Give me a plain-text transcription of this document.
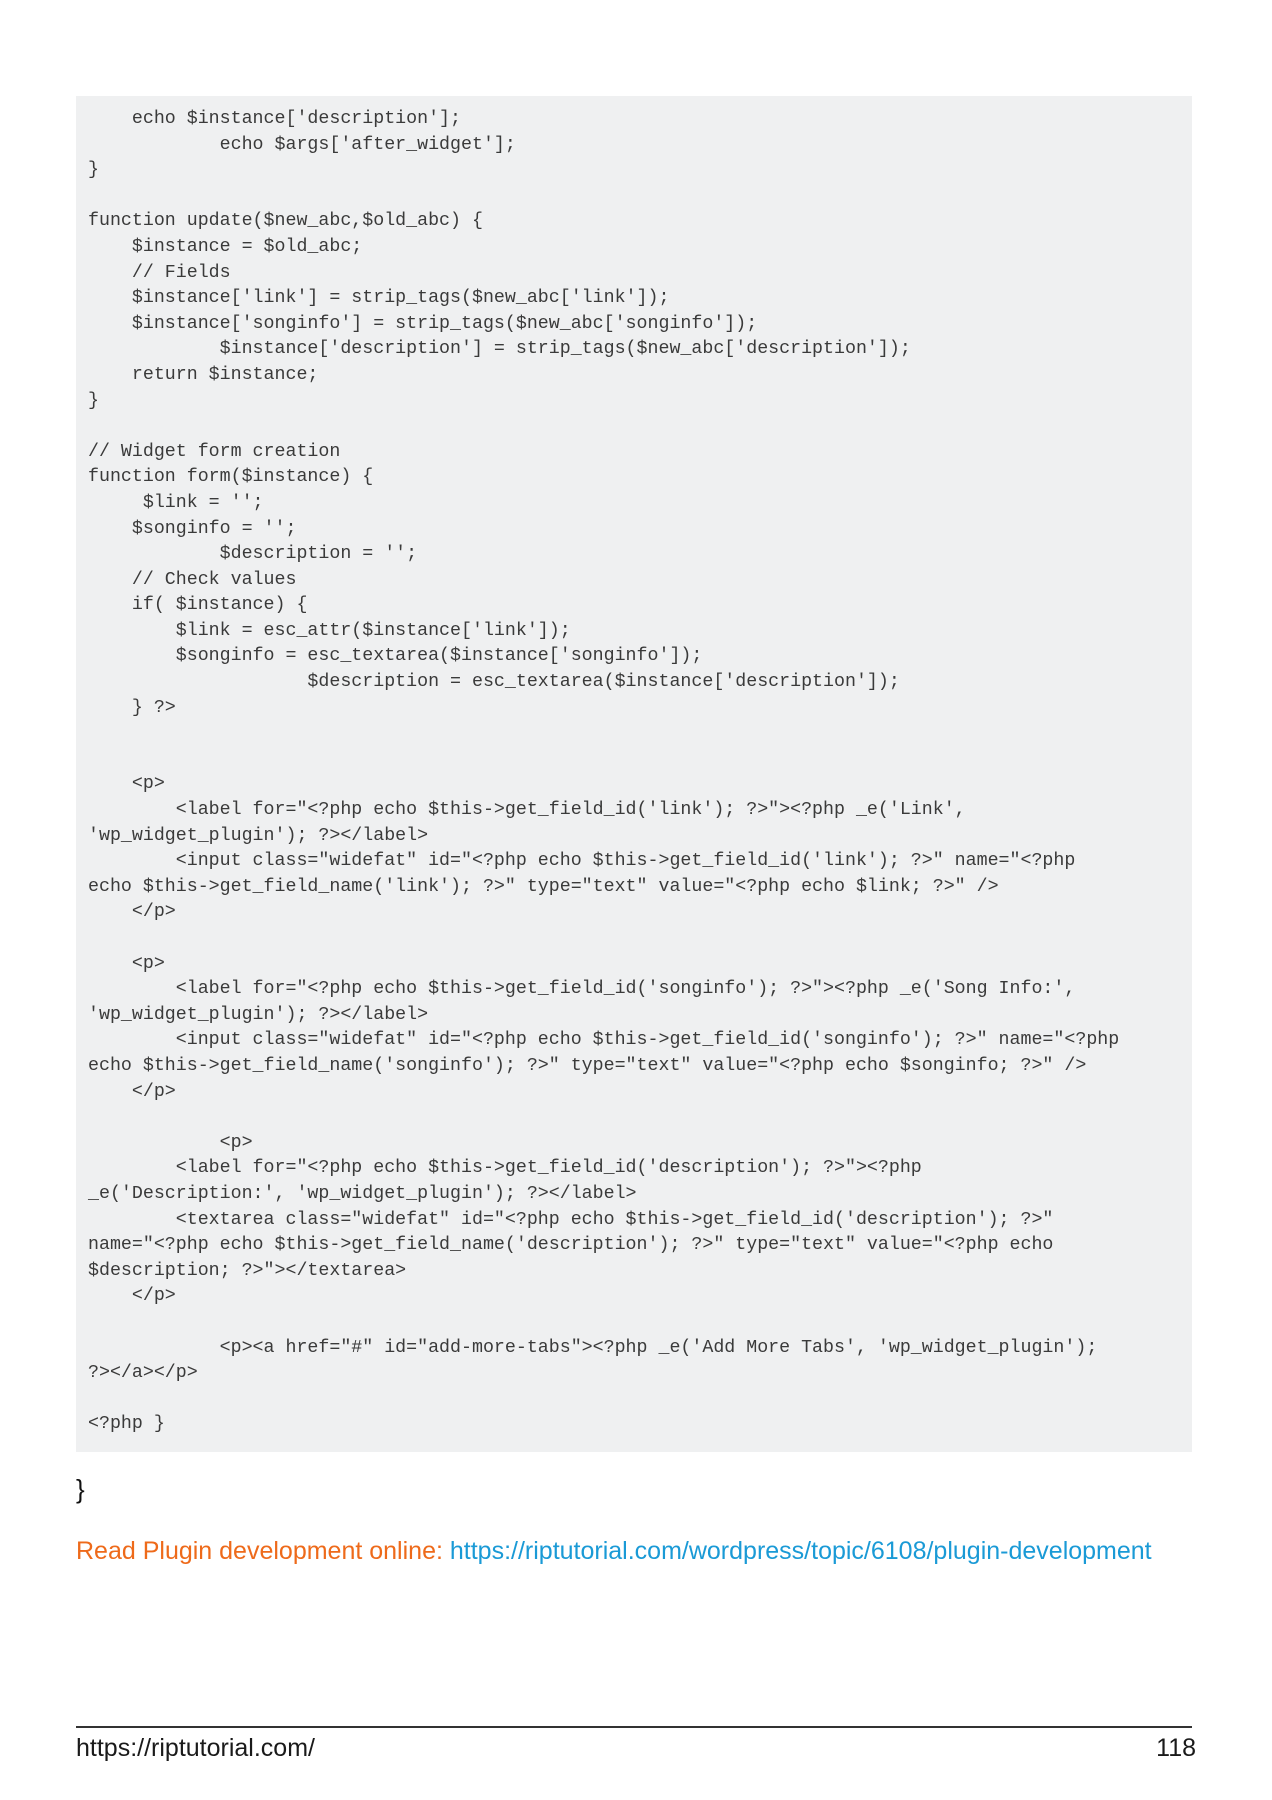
echo $instance['description'];
echo $args['after_widget'];
}

function update($new_abc,$old_abc) {
$instance = $old_abc;
// Fields
$instance['link'] = strip_tags($new_abc['link']);
$instance['songinfo'] = strip_tags($new_abc['songinfo']);
$instance['description'] = strip_tags($new_abc['description']);
return $instance;
}

// Widget form creation
function form($instance) {
$link = '';
$songinfo = '';
$description = '';
// Check values
if( $instance) {
$link = esc_attr($instance['link']);
$songinfo = esc_textarea($instance['songinfo']);
$description = esc_textarea($instance['description']);
} ?>

<p>
<label for="<?php echo $this->get_field_id('link'); ?>"><?php _e('Link',
'wp_widget_plugin'); ?></label>
<input class="widefat" id="<?php echo $this->get_field_id('link'); ?>" name="<?php
echo $this->get_field_name('link'); ?>" type="text" value="<?php echo $link; ?>" />
</p>

<p>
<label for="<?php echo $this->get_field_id('songinfo'); ?>"><?php _e('Song Info:',
'wp_widget_plugin'); ?></label>
<input class="widefat" id="<?php echo $this->get_field_id('songinfo'); ?>" name="<?php
echo $this->get_field_name('songinfo'); ?>" type="text" value="<?php echo $songinfo; ?>" />
</p>

<p>
<label for="<?php echo $this->get_field_id('description'); ?>"><?php
_e('Description:', 'wp_widget_plugin'); ?></label>
<textarea class="widefat" id="<?php echo $this->get_field_id('description'); ?>"
name="<?php echo $this->get_field_name('description'); ?>" type="text" value="<?php echo
$description; ?>"></textarea>
</p>

<p><a href="#" id="add-more-tabs"><?php _e('Add More Tabs', 'wp_widget_plugin');
?></a></p>

<?php }
}
Read Plugin development online: https://riptutorial.com/wordpress/topic/6108/plugin-development
https://riptutorial.com/	118
